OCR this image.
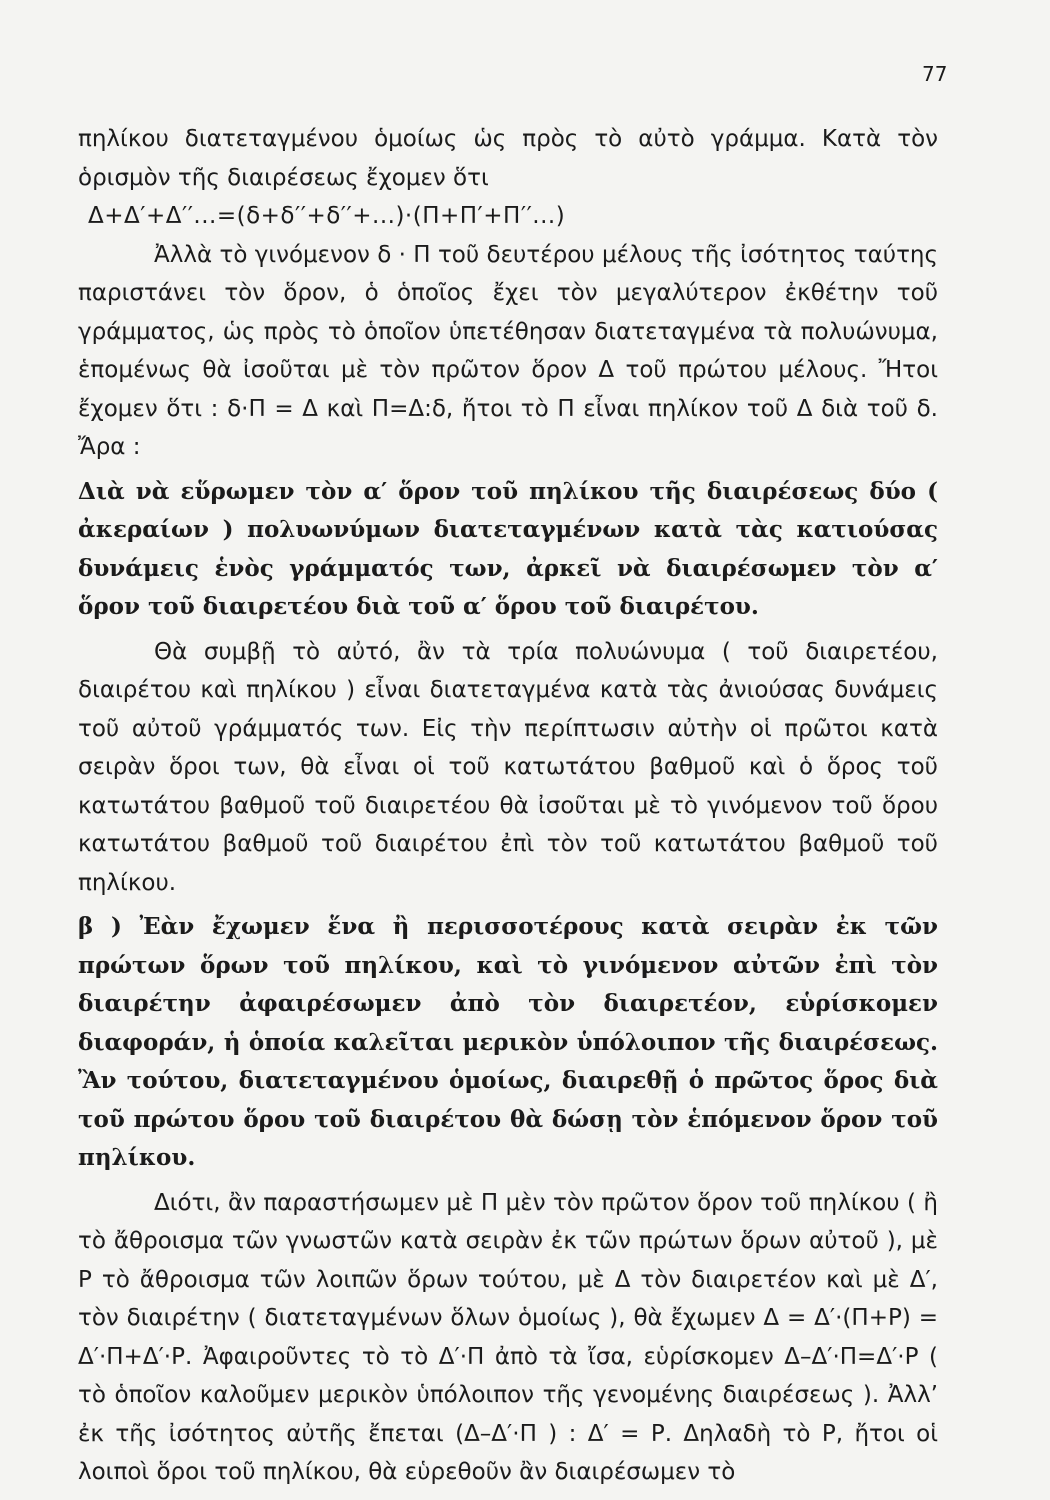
77

πηλίκου διατεταγμένου ὁμοίως ὡς πρὸς τὸ αὐτὸ γράμμα. Κατὰ τὸν ὁρισμὸν τῆς διαιρέσεως ἔχομεν ὅτι

Δ+Δ′+Δ′′...=(δ+δ′′+δ′′+...)·(Π+Π′+Π′′...)

Ἀλλὰ τὸ γινόμενον δ · Π τοῦ δευτέρου μέλους τῆς ἰσότητος ταύτης παριστάνει τὸν ὅρον, ὁ ὁποῖος ἔχει τὸν μεγαλύτερον ἐκθέτην τοῦ γράμματος, ὡς πρὸς τὸ ὁποῖον ὑπετέθησαν διατεταγμένα τὰ πολυώνυμα, ἑπομένως θὰ ἰσοῦται μὲ τὸν πρῶτον ὅρον Δ τοῦ πρώτου μέλους. Ἤτοι ἔχομεν ὅτι : δ·Π = Δ καὶ Π=Δ:δ, ἤτοι τὸ Π εἶναι πηλίκον τοῦ Δ διὰ τοῦ δ. Ἄρα :

Διὰ νὰ εὕρωμεν τὸν α′ ὅρον τοῦ πηλίκου τῆς διαιρέσεως δύο ( ἀκεραίων ) πολυωνύμων διατεταγμένων κατὰ τὰς κατιούσας δυνάμεις ἑνὸς γράμματός των, ἀρκεῖ νὰ διαιρέσωμεν τὸν α′ ὅρον τοῦ διαιρετέου διὰ τοῦ α′ ὅρου τοῦ διαιρέτου.

Θὰ συμβῇ τὸ αὐτό, ἂν τὰ τρία πολυώνυμα ( τοῦ διαιρετέου, διαιρέτου καὶ πηλίκου ) εἶναι διατεταγμένα κατὰ τὰς ἀνιούσας δυνάμεις τοῦ αὐτοῦ γράμματός των. Εἰς τὴν περίπτωσιν αὐτὴν οἱ πρῶτοι κατὰ σειρὰν ὅροι των, θὰ εἶναι οἱ τοῦ κατωτάτου βαθμοῦ καὶ ὁ ὅρος τοῦ κατωτάτου βαθμοῦ τοῦ διαιρετέου θὰ ἰσοῦται μὲ τὸ γινόμενον τοῦ ὅρου κατωτάτου βαθμοῦ τοῦ διαιρέτου ἐπὶ τὸν τοῦ κατωτάτου βαθμοῦ τοῦ πηλίκου.

β ) Ἐὰν ἔχωμεν ἕνα ἢ περισσοτέρους κατὰ σειρὰν ἐκ τῶν πρώτων ὅρων τοῦ πηλίκου, καὶ τὸ γινόμενον αὐτῶν ἐπὶ τὸν διαιρέτην ἀφαιρέσωμεν ἀπὸ τὸν διαιρετέον, εὑρίσκομεν διαφοράν, ἡ ὁποία καλεῖται μερικὸν ὑπόλοιπον τῆς διαιρέσεως. Ἂν τούτου, διατεταγμένου ὁμοίως, διαιρεθῇ ὁ πρῶτος ὅρος διὰ τοῦ πρώτου ὅρου τοῦ διαιρέτου θὰ δώσῃ τὸν ἑπόμενον ὅρον τοῦ πηλίκου.

Διότι, ἂν παραστήσωμεν μὲ Π μὲν τὸν πρῶτον ὅρον τοῦ πηλίκου ( ἢ τὸ ἄθροισμα τῶν γνωστῶν κατὰ σειρὰν ἐκ τῶν πρώτων ὅρων αὐτοῦ ), μὲ Ρ τὸ ἄθροισμα τῶν λοιπῶν ὅρων τούτου, μὲ Δ τὸν διαιρετέον καὶ μὲ Δ′, τὸν διαιρέτην ( διατεταγμένων ὅλων ὁμοίως ), θὰ ἔχωμεν Δ = Δ′·(Π+Ρ) = Δ′·Π+Δ′·Ρ. Ἀφαιροῦντες τὸ τὸ Δ′·Π ἀπὸ τὰ ἴσα, εὑρίσκομεν Δ–Δ′·Π=Δ′·Ρ ( τὸ ὁποῖον καλοῦμεν μερικὸν ὑπόλοιπον τῆς γενομένης διαιρέσεως ). Ἀλλ’ ἐκ τῆς ἰσότητος αὐτῆς ἔπεται (Δ–Δ′·Π ) : Δ′ = Ρ. Δηλαδὴ τὸ Ρ, ἤτοι οἱ λοιποὶ ὅροι τοῦ πηλίκου, θὰ εὑρεθοῦν ἂν διαιρέσωμεν τὸ
